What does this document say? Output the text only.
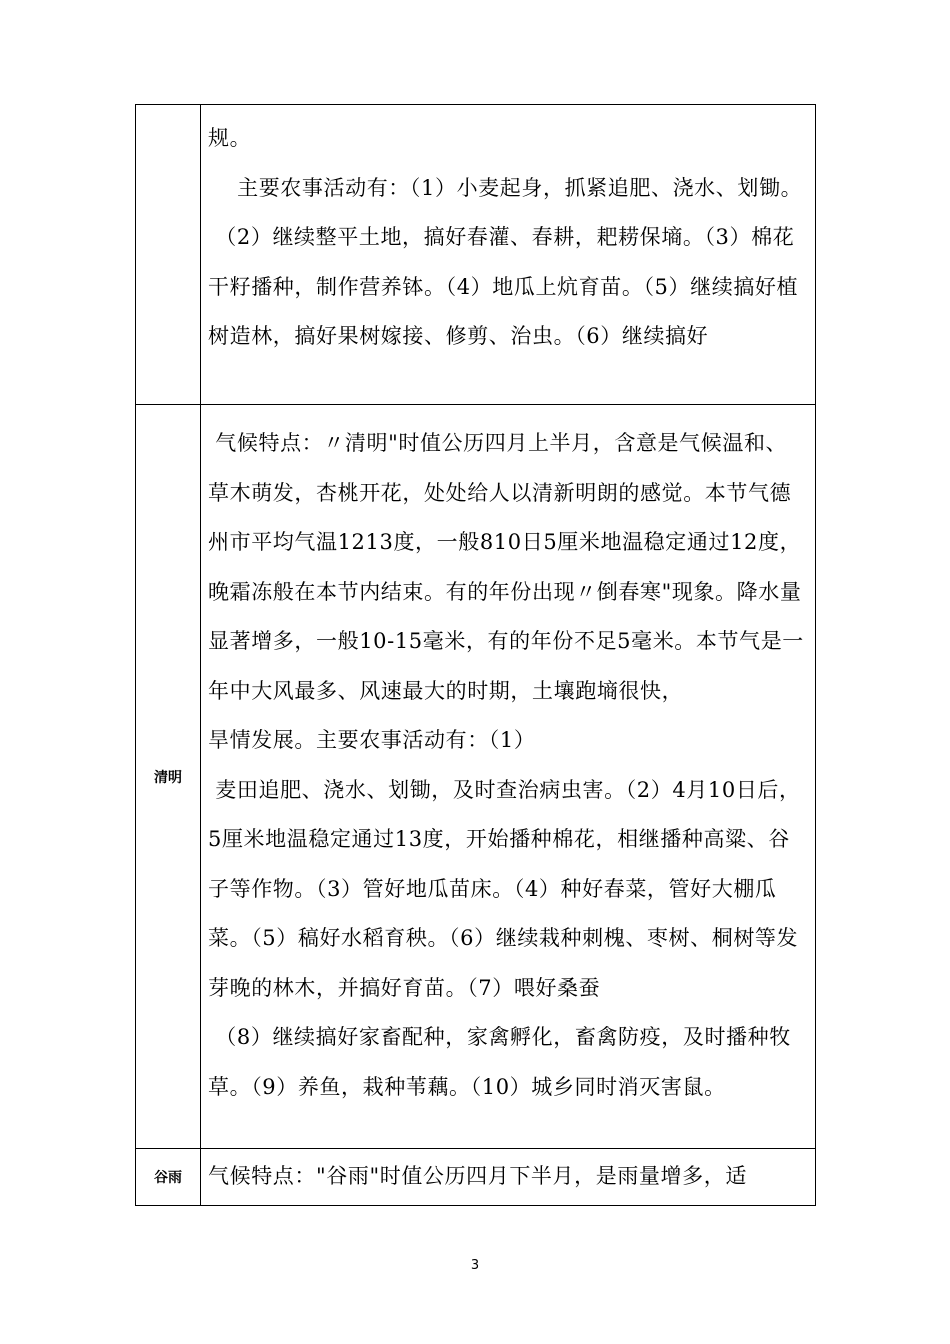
	规。

主要农事活动有：（1）小麦起身，抓紧追肥、浇水、划锄。

（2）继续整平土地，搞好春灌、春耕，耙耢保墒。（3）棉花干籽播种，制作营养钵。（4）地瓜上炕育苗。（5）继续搞好植树造林，搞好果树嫁接、修剪、治虫。（6）继续搞好

清明	气候特点：〃清明"时值公历四月上半月，含意是气候温和、草木萌发，杏桃开花，处处给人以清新明朗的感觉。本节气德州市平均气温1213度，一般810日5厘米地温稳定通过12度，晚霜冻般在本节内结束。有的年份出现〃倒春寒"现象。降水量显著增多，一般10-15毫米，有的年份不足5毫米。本节气是一年中大风最多、风速最大的时期，土壤跑墒很快，

旱情发展。主要农事活动有：（1）

麦田追肥、浇水、划锄，及时查治病虫害。（2）4月10日后，5厘米地温稳定通过13度，开始播种棉花，相继播种高粱、谷子等作物。（3）管好地瓜苗床。（4）种好春菜，管好大棚瓜菜。（5）稿好水稻育秧。（6）继续栽种刺槐、枣树、桐树等发芽晚的林木，并搞好育苗。（7）喂好桑蚕

（8）继续搞好家畜配种，家禽孵化，畜禽防疫，及时播种牧草。（9）养鱼，栽种苇藕。（10）城乡同时消灭害鼠。

谷雨	气候特点："谷雨"时值公历四月下半月，是雨量增多，适

3
